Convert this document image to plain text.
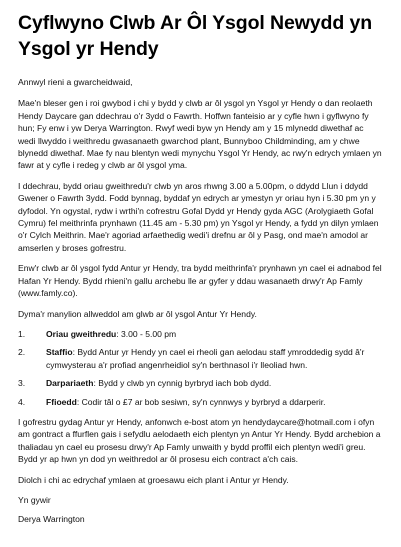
Cyflwyno Clwb Ar Ôl Ysgol Newydd yn Ysgol yr Hendy

Annwyl rieni a gwarcheidwaid,

Mae'n bleser gen i roi gwybod i chi y bydd y clwb ar ôl ysgol yn Ysgol yr Hendy o dan reolaeth Hendy Daycare gan ddechrau o'r 3ydd o Fawrth. Hoffwn fanteisio ar y cyfle hwn i gyflwyno fy hun; Fy enw i yw Derya Warrington. Rwyf wedi byw yn Hendy am y 15 mlynedd diwethaf ac wedi llwyddo i weithredu gwasanaeth gwarchod plant, Bunnyboo Childminding, am y chwe blynedd diwethaf. Mae fy nau blentyn wedi mynychu Ysgol Yr Hendy, ac rwy'n edrych ymlaen yn fawr at y cyfle i redeg y clwb ar ôl ysgol yma.

I ddechrau, bydd oriau gweithredu'r clwb yn aros rhwng 3.00 a 5.00pm, o ddydd Llun i ddydd Gwener o Fawrth 3ydd. Fodd bynnag, byddaf yn edrych ar ymestyn yr oriau hyn i 5.30 pm yn y dyfodol. Yn ogystal, rydw i wrthi'n cofrestru Gofal Dydd yr Hendy gyda AGC (Arolygiaeth Gofal Cymru) fel meithrinfa prynhawn (11.45 am - 5.30 pm) yn Ysgol yr Hendy, a fydd yn dilyn ymlaen o'r Cylch Meithrin. Mae'r agoriad arfaethedig wedi'i drefnu ar ôl y Pasg, ond mae'n amodol ar amserlen y broses gofrestru.

Enw'r clwb ar ôl ysgol fydd Antur yr Hendy, tra bydd meithrinfa'r prynhawn yn cael ei adnabod fel Hafan Yr Hendy. Bydd rhieni'n gallu archebu lle ar gyfer y ddau wasanaeth drwy'r Ap Famly (www.famly.co).

Dyma'r manylion allweddol am glwb ar ôl ysgol Antur Yr Hendy.

1.	Oriau gweithredu: 3.00 - 5.00 pm
2.	Staffio: Bydd Antur yr Hendy yn cael ei rheoli gan aelodau staff ymroddedig sydd â'r cymwysterau a'r profiad angenrheidiol sy'n berthnasol i'r lleoliad hwn.
3.	Darpariaeth: Bydd y clwb yn cynnig byrbryd iach bob dydd.
4.	Ffioedd: Codir tâl o £7 ar bob sesiwn, sy'n cynnwys y byrbryd a ddarperir.

I gofrestru gydag Antur yr Hendy, anfonwch e-bost atom yn hendydaycare@hotmail.com i ofyn am gontract a ffurflen gais i sefydlu aelodaeth eich plentyn yn Antur Yr Hendy. Bydd archebion a thaliadau yn cael eu prosesu drwy'r Ap Famly unwaith y bydd proffil eich plentyn wedi'i greu. Bydd yr ap hwn yn dod yn weithredol ar ôl prosesu eich contract a'ch cais.

Diolch i chi ac edrychaf ymlaen at groesawu eich plant i Antur yr Hendy.

Yn gywir

Derya Warrington
